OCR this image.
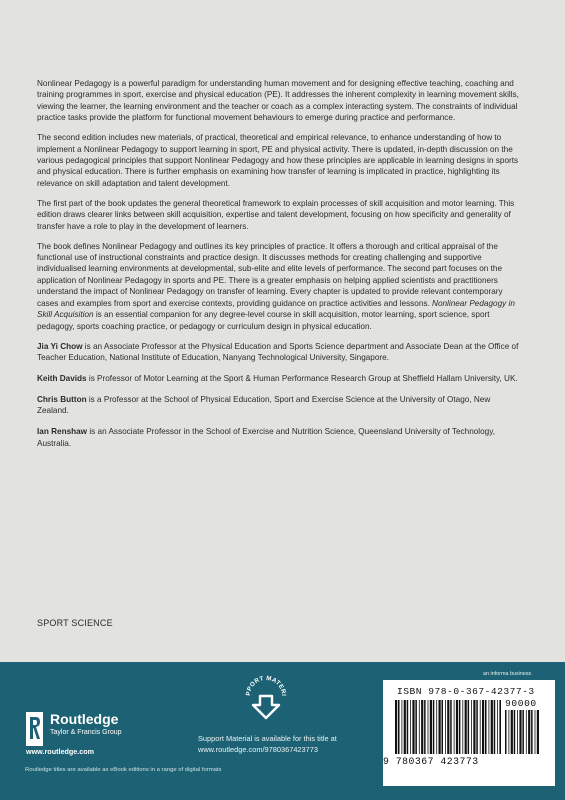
Nonlinear Pedagogy is a powerful paradigm for understanding human movement and for designing effective teaching, coaching and training programmes in sport, exercise and physical education (PE). It addresses the inherent complexity in learning movement skills, viewing the learner, the learning environment and the teacher or coach as a complex interacting system. The constraints of individual practice tasks provide the platform for functional movement behaviours to emerge during practice and performance.

The second edition includes new materials, of practical, theoretical and empirical relevance, to enhance understanding of how to implement a Nonlinear Pedagogy to support learning in sport, PE and physical activity. There is updated, in-depth discussion on the various pedagogical principles that support Nonlinear Pedagogy and how these principles are applicable in learning designs in sports and physical education. There is further emphasis on examining how transfer of learning is implicated in practice, highlighting its relevance on skill adaptation and talent development.

The first part of the book updates the general theoretical framework to explain processes of skill acquisition and motor learning. This edition draws clearer links between skill acquisition, expertise and talent development, focusing on how specificity and generality of transfer have a role to play in the development of learners.

The book defines Nonlinear Pedagogy and outlines its key principles of practice. It offers a thorough and critical appraisal of the functional use of instructional constraints and practice design. It discusses methods for creating challenging and supportive individualised learning environments at developmental, sub-elite and elite levels of performance. The second part focuses on the application of Nonlinear Pedagogy in sports and PE. There is a greater emphasis on helping applied scientists and practitioners understand the impact of Nonlinear Pedagogy on transfer of learning. Every chapter is updated to provide relevant contemporary cases and examples from sport and exercise contexts, providing guidance on practice activities and lessons. Nonlinear Pedagogy in Skill Acquisition is an essential companion for any degree-level course in skill acquisition, motor learning, sport science, sport pedagogy, sports coaching practice, or pedagogy or curriculum design in physical education.

Jia Yi Chow is an Associate Professor at the Physical Education and Sports Science department and Associate Dean at the Office of Teacher Education, National Institute of Education, Nanyang Technological University, Singapore.

Keith Davids is Professor of Motor Learning at the Sport & Human Performance Research Group at Sheffield Hallam University, UK.

Chris Button is a Professor at the School of Physical Education, Sport and Exercise Science at the University of Otago, New Zealand.

Ian Renshaw is an Associate Professor in the School of Exercise and Nutrition Science, Queensland University of Technology, Australia.

SPORT SCIENCE
PPORT MATERI
Support Material is available for this title at www.routledge.com/9780367423773
Routledge
Taylor & Francis Group
www.routledge.com
an informa business
ISBN 978-0-367-42377-3
90000
9 780367 423773
Routledge titles are available as eBook editions in a range of digital formats
